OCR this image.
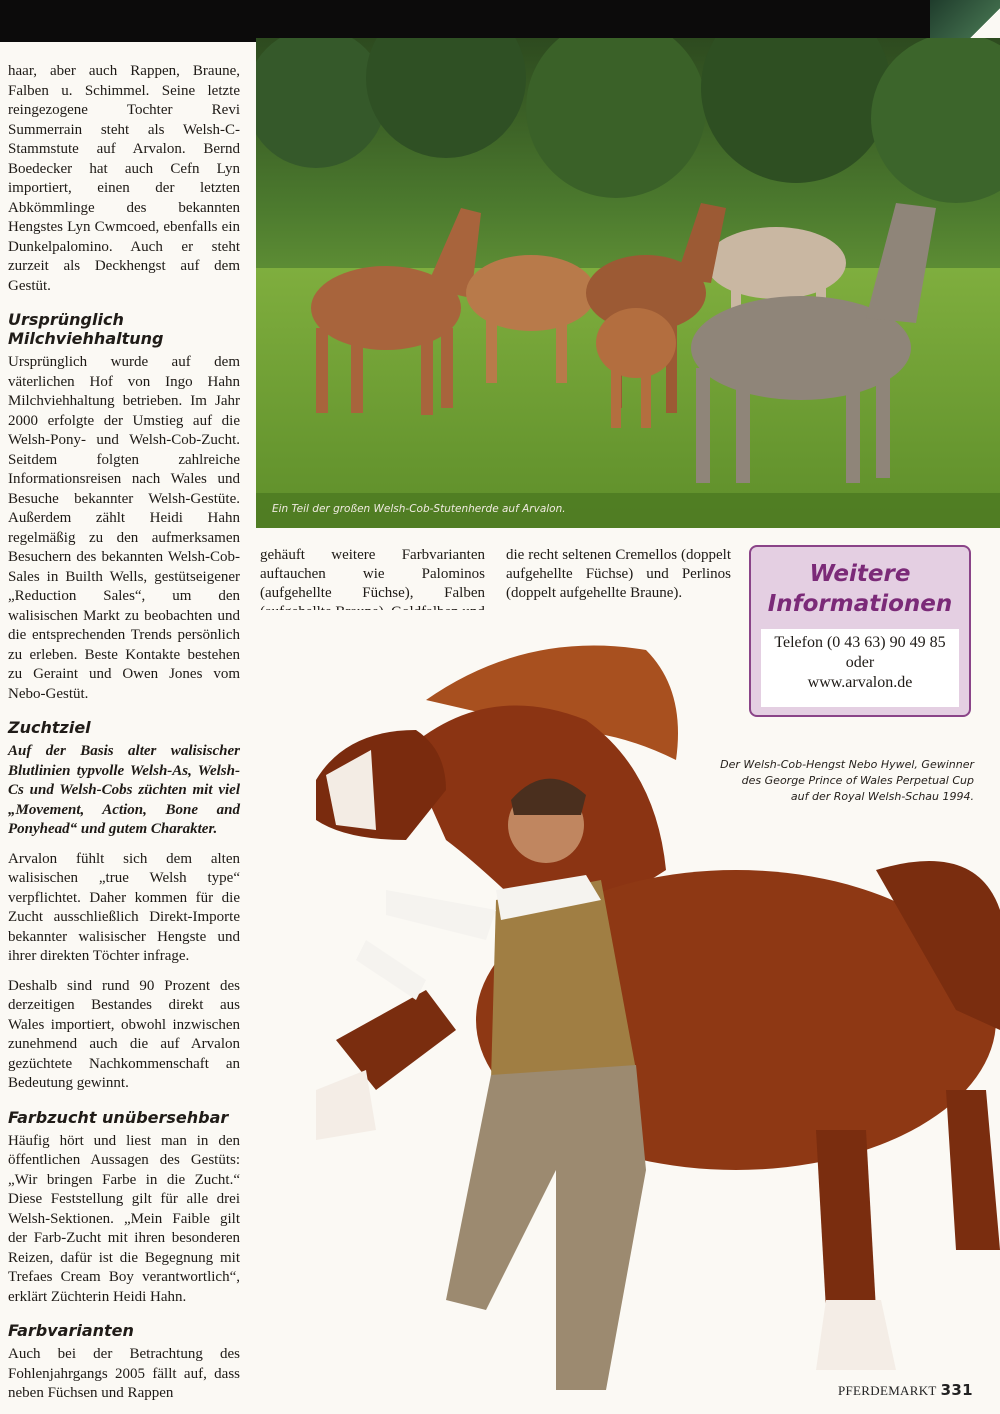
haar, aber auch Rappen, Braune, Falben u. Schimmel. Seine letzte reingezogene Tochter Revi Summerrain steht als Welsh-C-Stammstute auf Arvalon. Bernd Boedecker hat auch Cefn Lyn importiert, einen der letzten Abkömmlinge des bekannten Hengstes Lyn Cwmcoed, ebenfalls ein Dunkelpalomino. Auch er steht zurzeit als Deckhengst auf dem Gestüt.

Ursprünglich Milchviehhaltung

Ursprünglich wurde auf dem väterlichen Hof von Ingo Hahn Milchviehhaltung betrieben. Im Jahr 2000 erfolgte der Umstieg auf die Welsh-Pony- und Welsh-Cob-Zucht. Seitdem folgten zahlreiche Informationsreisen nach Wales und Besuche bekannter Welsh-Gestüte. Außerdem zählt Heidi Hahn regelmäßig zu den aufmerksamen Besuchern des bekannten Welsh-Cob-Sales in Builth Wells, gestütseigener „Reduction Sales“, um den walisischen Markt zu beobachten und die entsprechenden Trends persönlich zu erleben. Beste Kontakte bestehen zu Geraint und Owen Jones vom Nebo-Gestüt.

Zuchtziel

Auf der Basis alter walisischer Blutlinien typvolle Welsh-As, Welsh-Cs und Welsh-Cobs züchten mit viel „Movement, Action, Bone and Ponyhead“ und gutem Charakter.

Arvalon fühlt sich dem alten walisischen „true Welsh type“ verpflichtet. Daher kommen für die Zucht ausschließlich Direkt-Importe bekannter walisischer Hengste und ihrer direkten Töchter infrage.

Deshalb sind rund 90 Prozent des derzeitigen Bestandes direkt aus Wales importiert, obwohl inzwischen zunehmend auch die auf Arvalon gezüchtete Nachkommenschaft an Bedeutung gewinnt.

Farbzucht unübersehbar

Häufig hört und liest man in den öffentlichen Aussagen des Gestüts: „Wir bringen Farbe in die Zucht.“ Diese Feststellung gilt für alle drei Welsh-Sektionen. „Mein Faible gilt der Farb-Zucht mit ihren besonderen Reizen, dafür ist die Begegnung mit Trefaes Cream Boy verantwortlich“, erklärt Züchterin Heidi Hahn.

Farbvarianten

Auch bei der Betrachtung des Fohlenjahrgangs 2005 fällt auf, dass neben Füchsen und Rappen

Ein Teil der großen Welsh-Cob-Stutenherde auf Arvalon.

gehäuft weitere Farbvarianten auftauchen wie Palominos (aufgehellte Füchse), Falben

die recht seltenen Cremellos (doppelt aufgehellte Füchse) und Perlinos (doppelt aufgehellte Braune).

Weitere
Informationen
Telefon (0 43 63) 90 49 85
oder
www.arvalon.de
Der Welsh-Cob-Hengst Nebo Hywel, Gewinner
des George Prince of Wales Perpetual Cup
auf der Royal Welsh-Schau 1994.
PFERDEMARKT 331
